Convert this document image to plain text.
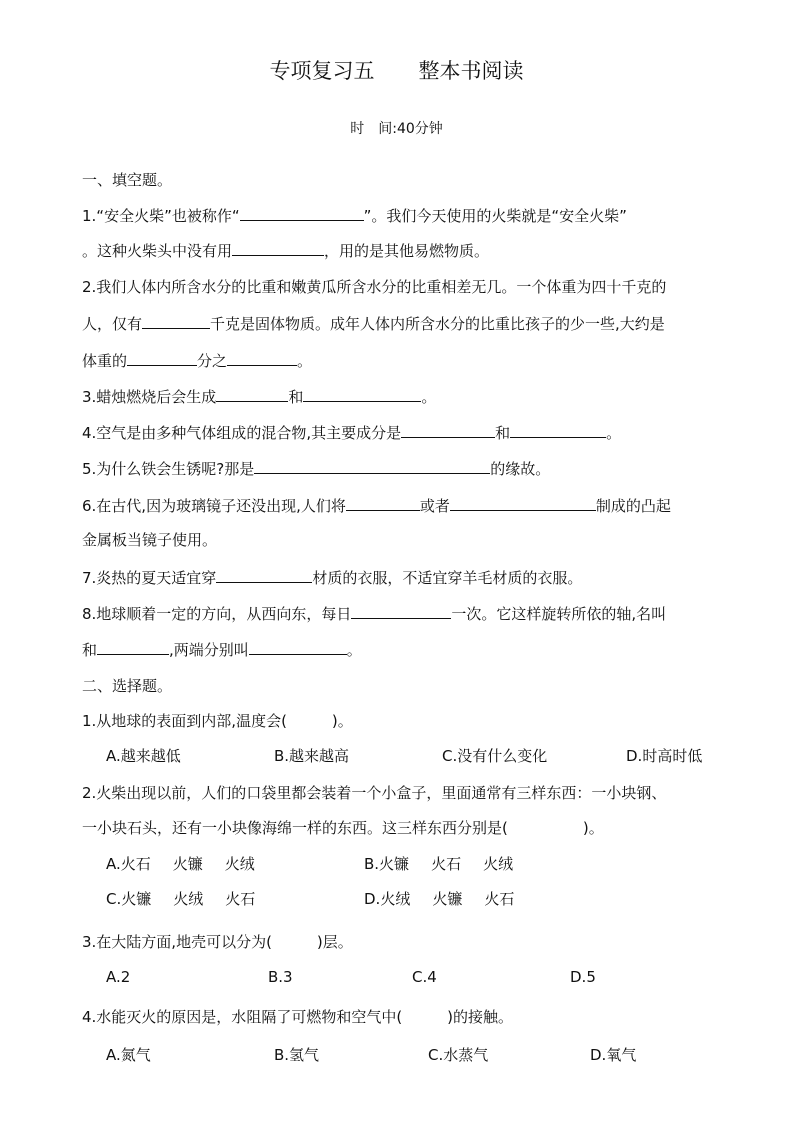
专项复习五 整本书阅读
时　间:40分钟
一、填空题。
1.“安全火柴”也被称作“	”。我们今天使用的火柴就是“安全火柴”
。这种火柴头中没有用	，用的是其他易燃物质。
2.我们人体内所含水分的比重和嫩黄瓜所含水分的比重相差无几。一个体重为四十千克的
人，仅有	千克是固体物质。成年人体内所含水分的比重比孩子的少一些,大约是
体重的	分之	。
3.蜡烛燃烧后会生成	和	。
4.空气是由多种气体组成的混合物,其主要成分是	和	。
5.为什么铁会生锈呢?那是	的缘故。
6.在古代,因为玻璃镜子还没出现,人们将	或者	制成的凸起
金属板当镜子使用。
7.炎热的夏天适宜穿	材质的衣服，不适宜穿羊毛材质的衣服。
8.地球顺着一定的方向，从西向东，每日	一次。它这样旋转所依的轴,名叫
和	,两端分别叫	。
二、选择题。
1.从地球的表面到内部,温度会(　　　)。
A.越来越低	B.越来越高	C.没有什么变化	D.时高时低
2.火柴出现以前，人们的口袋里都会装着一个小盒子，里面通常有三样东西：一小块钢、
一小块石头，还有一小块像海绵一样的东西。这三样东西分别是(　　　　　)。
A.火石 火镰 火绒	B.火镰 火石 火绒
C.火镰 火绒 火石	D.火绒 火镰 火石
3.在大陆方面,地壳可以分为(　　　)层。
A.2	B.3	C.4	D.5
4.水能灭火的原因是，水阻隔了可燃物和空气中(　　　)的接触。
A.氮气	B.氢气	C.水蒸气	D.氧气
